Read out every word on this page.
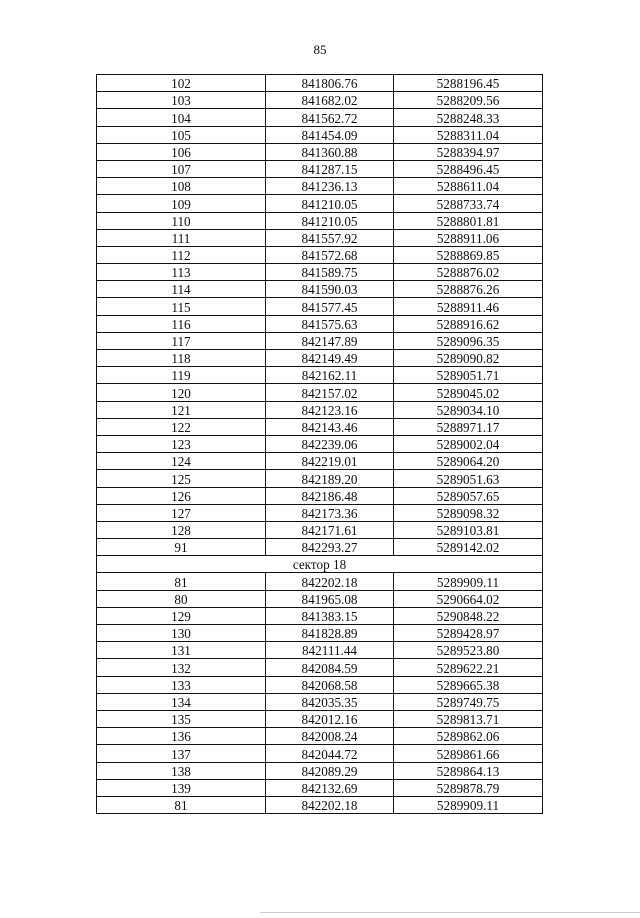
85
102	841806.76	5288196.45
103	841682.02	5288209.56
104	841562.72	5288248.33
105	841454.09	5288311.04
106	841360.88	5288394.97
107	841287.15	5288496.45
108	841236.13	5288611.04
109	841210.05	5288733.74
110	841210.05	5288801.81
111	841557.92	5288911.06
112	841572.68	5288869.85
113	841589.75	5288876.02
114	841590.03	5288876.26
115	841577.45	5288911.46
116	841575.63	5288916.62
117	842147.89	5289096.35
118	842149.49	5289090.82
119	842162.11	5289051.71
120	842157.02	5289045.02
121	842123.16	5289034.10
122	842143.46	5288971.17
123	842239.06	5289002.04
124	842219.01	5289064.20
125	842189.20	5289051.63
126	842186.48	5289057.65
127	842173.36	5289098.32
128	842171.61	5289103.81
91	842293.27	5289142.02
сектор 18		
81	842202.18	5289909.11
80	841965.08	5290664.02
129	841383.15	5290848.22
130	841828.89	5289428.97
131	842111.44	5289523.80
132	842084.59	5289622.21
133	842068.58	5289665.38
134	842035.35	5289749.75
135	842012.16	5289813.71
136	842008.24	5289862.06
137	842044.72	5289861.66
138	842089.29	5289864.13
139	842132.69	5289878.79
81	842202.18	5289909.11
